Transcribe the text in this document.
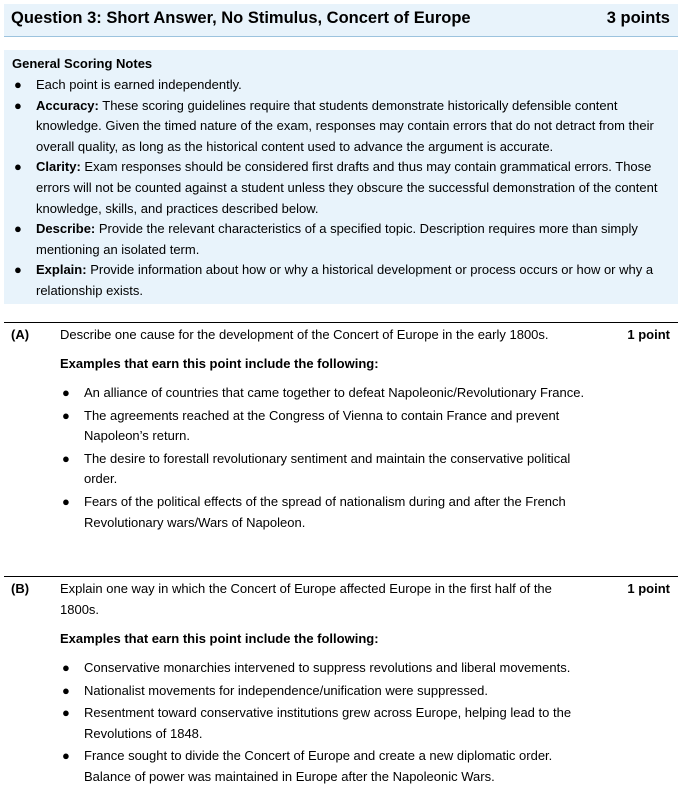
Question 3: Short Answer, No Stimulus, Concert of Europe	3 points
General Scoring Notes
● Each point is earned independently.
● Accuracy: These scoring guidelines require that students demonstrate historically defensible content knowledge. Given the timed nature of the exam, responses may contain errors that do not detract from their overall quality, as long as the historical content used to advance the argument is accurate.
● Clarity: Exam responses should be considered first drafts and thus may contain grammatical errors. Those errors will not be counted against a student unless they obscure the successful demonstration of the content knowledge, skills, and practices described below.
● Describe: Provide the relevant characteristics of a specified topic. Description requires more than simply mentioning an isolated term.
● Explain: Provide information about how or why a historical development or process occurs or how or why a relationship exists.
(A) Describe one cause for the development of the Concert of Europe in the early 1800s.	1 point
Examples that earn this point include the following:
● An alliance of countries that came together to defeat Napoleonic/Revolutionary France.
● The agreements reached at the Congress of Vienna to contain France and prevent Napoleon’s return.
● The desire to forestall revolutionary sentiment and maintain the conservative political order.
● Fears of the political effects of the spread of nationalism during and after the French Revolutionary wars/Wars of Napoleon.
(B) Explain one way in which the Concert of Europe affected Europe in the first half of the 1800s.
1 point
Examples that earn this point include the following:
● Conservative monarchies intervened to suppress revolutions and liberal movements.
● Nationalist movements for independence/unification were suppressed.
● Resentment toward conservative institutions grew across Europe, helping lead to the Revolutions of 1848.
● France sought to divide the Concert of Europe and create a new diplomatic order. Balance of power was maintained in Europe after the Napoleonic Wars.
